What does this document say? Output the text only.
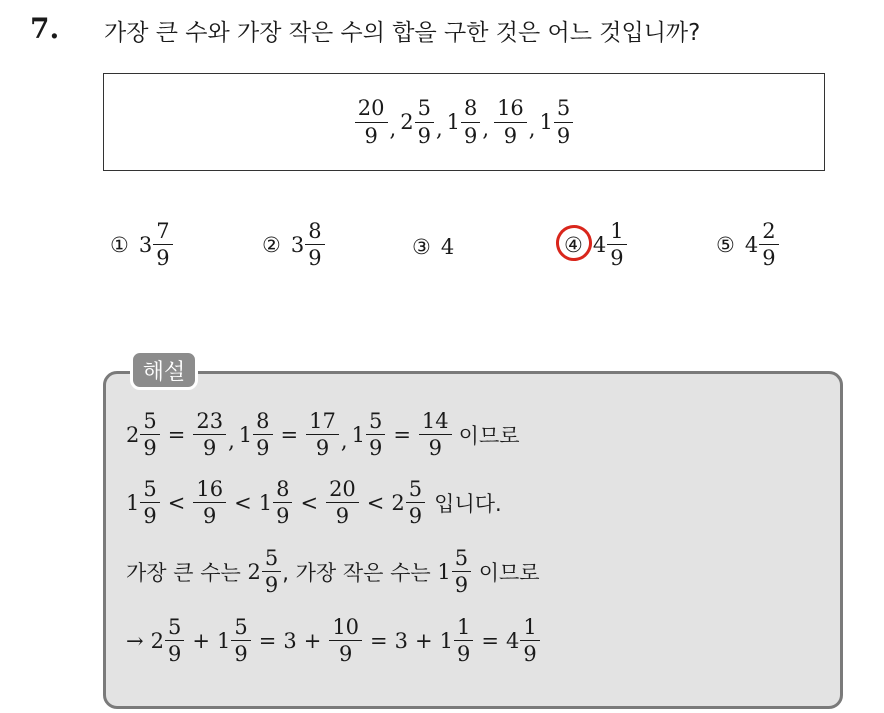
7. 가장 큰 수와 가장 작은 수의 합을 구한 것은 어느 것입니까?
$\frac{20}{9}$ , $2 \frac{5}{9}$ , $1 \frac{8}{9}$ , $\frac{16}{9}$ , $1 \frac{5}{9}$
① $3 \frac{7}{9}$	② $3 \frac{8}{9}$	③ 4	④ $4 \frac{1}{9}$	⑤ $4 \frac{2}{9}$
해설
$2 \frac{5}{9} = \frac{23}{9}$ , $1 \frac{8}{9} = \frac{17}{9}$ , $1 \frac{5}{9} = \frac{14}{9}$ 이므로
$1 \frac{5}{9} < \frac{16}{9} < 1 \frac{8}{9} < \frac{20}{9} < 2 \frac{5}{9}$ 입니다.
가장 큰 수는 $2 \frac{5}{9}$ , 가장 작은 수는 $1 \frac{5}{9}$ 이므로
→ $2 \frac{5}{9} + 1 \frac{5}{9} = 3 + \frac{10}{9} = 3 + 1 \frac{1}{9} = 4 \frac{1}{9}$
